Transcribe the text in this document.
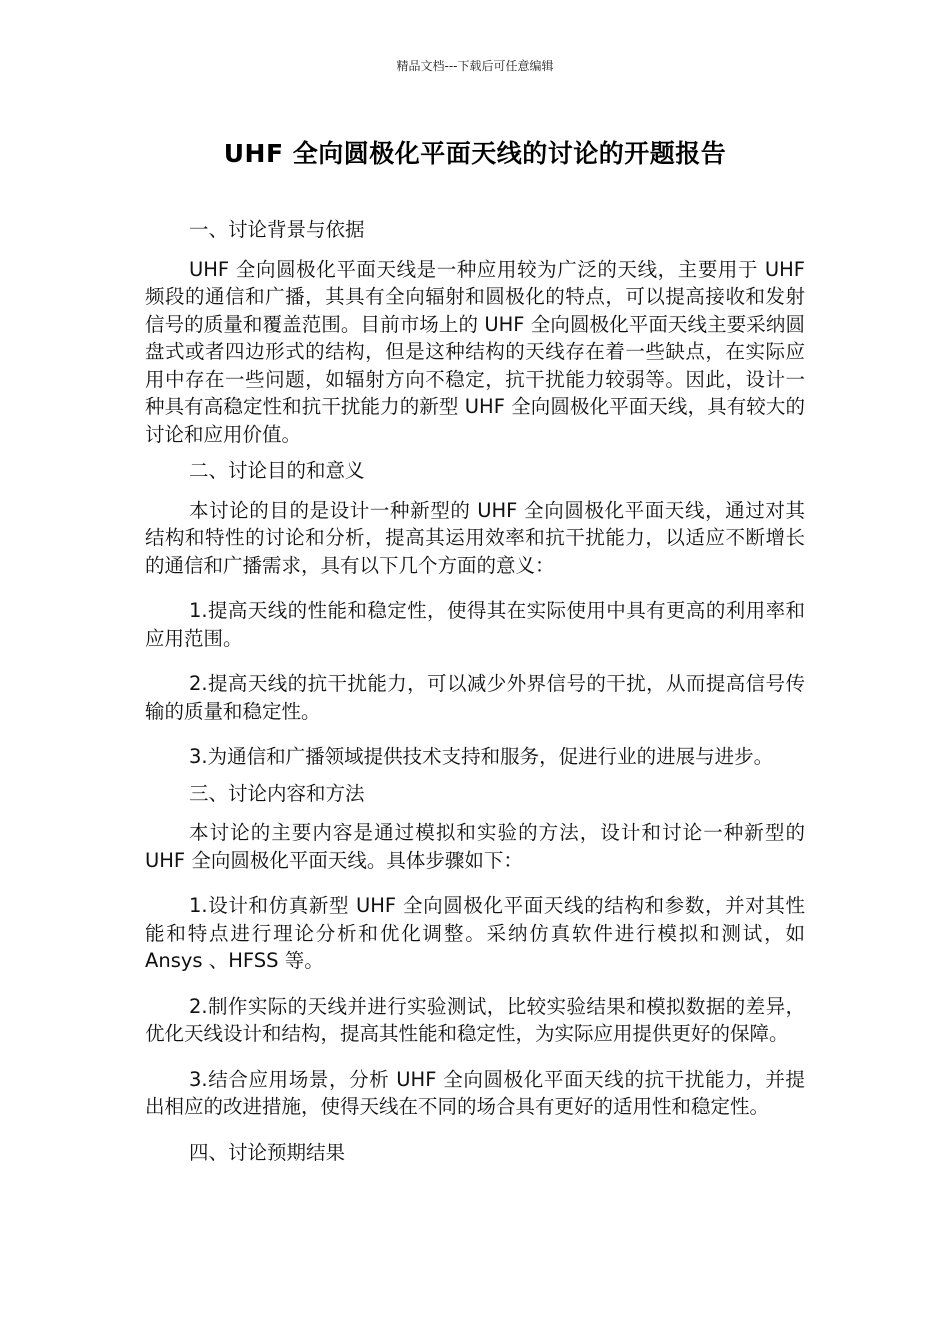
精品文档---下载后可任意编辑
UHF 全向圆极化平面天线的讨论的开题报告

一、讨论背景与依据

UHF 全向圆极化平面天线是一种应用较为广泛的天线，主要用于 UHF 频段的通信和广播，其具有全向辐射和圆极化的特点，可以提高接收和发射信号的质量和覆盖范围。目前市场上的 UHF 全向圆极化平面天线主要采纳圆盘式或者四边形式的结构，但是这种结构的天线存在着一些缺点，在实际应用中存在一些问题，如辐射方向不稳定，抗干扰能力较弱等。因此，设计一种具有高稳定性和抗干扰能力的新型 UHF 全向圆极化平面天线，具有较大的讨论和应用价值。

二、讨论目的和意义

本讨论的目的是设计一种新型的 UHF 全向圆极化平面天线，通过对其结构和特性的讨论和分析，提高其运用效率和抗干扰能力，以适应不断增长的通信和广播需求，具有以下几个方面的意义：

1.提高天线的性能和稳定性，使得其在实际使用中具有更高的利用率和应用范围。

2.提高天线的抗干扰能力，可以减少外界信号的干扰，从而提高信号传输的质量和稳定性。

3.为通信和广播领域提供技术支持和服务，促进行业的进展与进步。

三、讨论内容和方法

本讨论的主要内容是通过模拟和实验的方法，设计和讨论一种新型的 UHF 全向圆极化平面天线。具体步骤如下：

1.设计和仿真新型 UHF 全向圆极化平面天线的结构和参数，并对其性能和特点进行理论分析和优化调整。采纳仿真软件进行模拟和测试，如 Ansys 、HFSS 等。

2.制作实际的天线并进行实验测试，比较实验结果和模拟数据的差异，优化天线设计和结构，提高其性能和稳定性，为实际应用提供更好的保障。

3.结合应用场景，分析 UHF 全向圆极化平面天线的抗干扰能力，并提出相应的改进措施，使得天线在不同的场合具有更好的适用性和稳定性。

四、讨论预期结果
